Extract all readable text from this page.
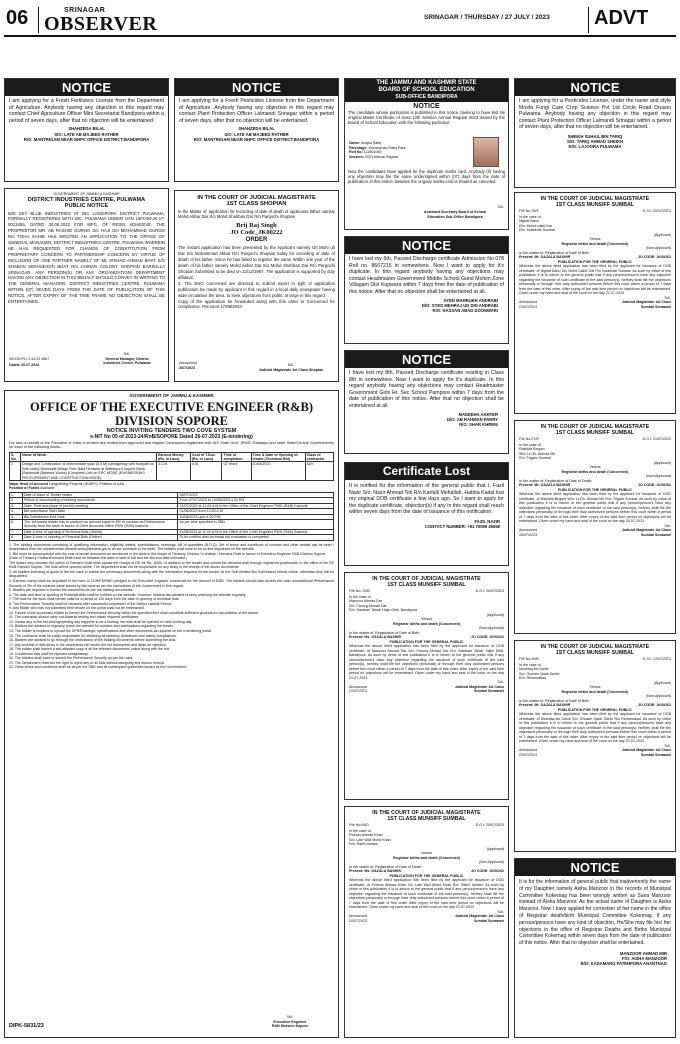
06	SRINAGAR
OBSERVER	SRINAGAR / THURSDAY / 27 JULY / 2023 ADVT
NOTICE
I am applying for a Fresh Fertilizers License from the Department of Agriculture. Anybody having any objection in this regard may contact Chief Agriculture Officer Mini Secretariat Bandipora within a period of seven days, after that no objection will be entertained.
SHAHZEDA BILAL
S/O: LATE AB MAJEED RATHER
R/O: MANTRIGAM NEAR NHPC OFFICE DISTRICT:BANDIPORA
NOTICE
I am applying for a Fresh Pesticides License from the Department of Agriculture. Anybody having any objection in this regard may contact Plant Protection Officer Lalmandi Srinagar within a period of seven days, after that no objection will be entertained.
SHAHZEDA BILAL
S/O: LATE AB MAJEED RATHER
R/O: MANTRIGAM NEAR NHPC OFFICE DISTRICT:BANDIPORA
THE JAMMU AND KASHMIR STATE
BOARD OF SCHOOL EDUCATION
SUB-OFFICE BANDIPORA
NOTICE
The candidate whose particulars is published in this notice claiming to have lost his original Marks Certificate of class 12th Session Annual Regular 2023 issued by the Board of School Education with the following particular:
Name: Moqsa Rafiq
Parentage: Mohammad Rafiq Para
Roll No: 112601065
Session: 2023 Annual Regular
Now the candidates have applied for the duplicate marks card. Anybody (if) having any objection may file the same undersigned within (07) days from the date of publication of this notice. Besides the original marks card is treated as canceled.
Sd/-
Assistant Secretary Board of School
Education Sub-Office Bandipora
NOTICE
I am applying for a Pesticides License, under the name and style Mosfa Fungi Care Crop Science Pvt Ltd Circle Road Drusoo Pulwama. Anybody having any objection in this regard may contact Plant Protection Officer Lalmandi Srinagar within a period of seven days, after that no objection will be entertained.
SHEIKH SUHAIL BIN TARIQ
S/O: TARIQ AHMAD SHEIKH
R/O: LAJOORA PULWAMA
GOVERNMENT OF JAMMU & KASHMIR
DISTRICT INDUSTRIES CENTRE, PULWAMA
PUBLIC NOTICE
M/S SKY BLUE INDUSTRIES AT INC LASSIPORA DISTRICT PULWAMA, FORMALLY REGISTERED WITH DIC, PULWAMA UNDER UAN UDYAM-JK-17-0013455, DATED 30.06.2022 FOR MFG. OF RESIN ADHESIVE. THE PROPRIETOR MR. AB RASHID GUROO S/o HAJI GH MOHAMMAD GUROO R/o TOHA SAHIB HAS MOOTED AN APPLICATION TO THE OFFICE OF GENERAL MANAGER, DISTRICT INDUSTRIES CENTRE, PULWAMA WHEREIN HE HAS REQUESTED FOR CHANGE OF CONSTITUTION FROM PROPRIETARY CONCERN TO PARTNERSHIP CONCERN BY VIRTUE OF INCLUSION OF ONE PARTNER NAMELY OF ML IRSHAD AHMAD BHAT S/O SHABAN MOHIUD-DIN BHAT R/o CHINAR COLONY SHOPIAN BARZULLA SRINAGAR. ANY PERSON(S) OR ANY ORGANIZATION/ DEPARTMENT HAVING ANY OBJECTION IN THIS BEHALF SHOULD CONVEY IN WRITING TO THE GENERAL MANAGER, DISTRICT INDUSTRIES CENTRE, PULWAMA WITHIN (07) SEVEN DAYS FROM THE DATE OF PUBLICATION OF THIS NOTICE, AFTER EXPIRY OF THE TIME FRAME NO OBJECTION SHALL BE ENTERTAINED.
NO:DICPL/ 3 44-23 4667
Dated: 26.07.2023
Sd/-
General Manager, District
Industries Centre, Pulwama
IN THE COURT OF JUDICIAL MAGISTRATE
1ST CLASS SHOPIAN
In the Matter of: application for recording of date of death of applicants father namely Mohd Akbar Dar S/o Mohd Shahban Dar R/o Pargochi Shopian
Brij Raj Singh
JO Code_JK00222
ORDER
The instant application has been presented by the Applicant namely Gh Mohi ub Dar S/o Mohammad Akbar R/o Pargochi Shopian today for recording of date of death of his father. Since he has failed to register the same Within one year of the death of his father namely Mohd Akbar Dar S/o Mohd Shahban Dar R/o Pargochi Shopian Submitted to be died on 22/12/1987. The application is supported by duly affidavit.
2. The SHO concerned are directed to submit report in light of application publication be made by applicant in this regard in a local daily newspaper having wide circulation the area, to seek objections from public at large in this regard.
Copy of the application be forwarded along with this order to Concerned for compliance. Put soon 17/08/2023
Announced
26/7/2023
Sd/-
Judicial Magistrate 1st Class Shopian
NOTICE
I have lost my 6th, Passed Discharge certificate Admission No.078 Roll no. 8667215 in somewhere. Now I want to apply for it's duplicate. In this regard anybody having any objections may contact Headmaster Government Middle School Gund Mohim Zone Villagam Dist Kupwara within 7 days from the date of publication of this notice. After that no objection shall be entertained at all.
SYED MAHRUKH ANDRABI
D/O: SYED MEHRAJ UD DIN ANDRABI
R/O: HASSAN ABAD DOONWARI
NOTICE
I have lost my 8th, Passed Discharge certificate reading in Class 8th in somewhere. Now I want to apply for it's duplicate. In this regard anybody having any objections may contact Headmaster Government Girls Hr. Sec School Pampore within 7 days from the date of publication of this notice. After that no objection shall be entertained at all.
MADEEHA AKHTER
D/O: AB RAHMAN PARRY
R/O: SHAR KHREW
Certificate Lost
It is notified for the information of the general public that I, Fazil Nazir S/o: Nazir Ahmad Teli R/o Karfalli Mohallah, Habba Kadal lost my original DOB certificate a few days ago. So I want to apply for the duplicate certificate, objection(s) if any in this regard shall reach within seven days from the date of issuance of this notification.
FAZIL NAZIR
CONTACT NUMBER: +91 70069 26658
NOTICE
It is for the information of general public that inadvertently the name of my Daughter namely Aisha Manzoor in the records of Municipal Committee Kokernag has been wrongly written as Sana Manzoor instead of Aisha Manzoor. As the actual name of Daughter is Aisha Manzoor. Now I have applied for correction of her name in the office of Registrar death/birth Municipal Committee Kokernag. If any person/persons have any kind of objection, He/She may file his/ her objections in the office of Registrar Deaths and Births Municipal Committee Kokernag within seven days from the date of publication of this notice. After that no objection shall be entertained.
MANZOOR AHMAD MIR
F/O: AISHA MANZOOR
R/O: KADAMARG FATEHPORA ANANTNAG
GOVERNMENT OF JAMMU & KASHMIR
OFFICE OF THE EXECUTIVE ENGINEER (R&B) DIVISION SOPORE
NOTICE INVITING TENDERS TWO COVE SYSTEM
e-NIT No 05 of 2023-24/RnB/SOPORE Dated 26-07-2023 (E-tendering)
For and on behalf of the President of India, e-tenders are invited from approved and eligible Contractors registered with J&K State Govt. (PWD, Railways and other State/Central Governments) for each of the following works:-
S. No.	Name of Work	Earnest Money (Rs. In Lacs)	Cost of T.Doc. (Rs. in Lacs)	Time of completion	Time & Date of Opening of tender (Technical Bid)	Class of contractor
1	Design and Construction of intermediate span (5.5 M) carriageway with footpath on both sides) Motorable Bridge Over Nala Hirniwan at Wattarguru Sopore Block (Baramulla (Balance Works) (Complete) Job on EPC MODE (ENGINEERING PROCUREMENT AND CONSTRUCTION MODE)	31.24	0.01	02 Years	10/08/2023	AAY
Major Head of Account Languishing Projects (JKIDFC) Position of AAA
Position of Funds Available
1.	Date of Issue of Tender Notice	26/07/2023
2.	Period of downloading of bidding documents	From 27/07/2023 to 10/08/2023 4.00 PM
3.	Date, Time and place of pre-bid meeting	31/07/2023 at 11:00 A.M in the Office of the Chief Engineer PWD (R&B) Kashmir.
4.	Bid submission Start Date	01/08/2023 from 10.00 A.M
5.	Bid Submission End Date	10/08/2023 upto 4.00 P.M.
6.	The 1st lowest bidder has to produce an amount equal to 5% of contract as Performance Security from the bank in favour of Chief Accounts Office PWD (R&B) Kashmir.	As per time specified in SBD
7.	Date & time of opening of Technical Bids (Online)	11/08/2023 at 11:00 A.M in the Office of the Chief Engineer PWD (R&B) Kashmir.
8.	Date & time of opening of Financial Bids (Online)	To be notified after technical bid evaluation is completed
1. The bidding documents consisting of qualifying information, eligibility criteria, specifications, drawings, bill of quantities (B.O.Q), Set of terms and conditions of contract and other details can be seen / downloaded from the departmental website www.jktenders.gov.in as per schedule in the table. The bidders shall have to be on line registered on the website.
2. Bid must be accompanied with the cost of tender document as mentioned in the table in the shape of Treasury Challan / e-challan / Demand Draft in favour of Executive Engineer R&B Division Sopore.
(Date of Treasury Challan/Demand Draft must be between the date of start of bid and the Bid end date indicated.)
The bidder who chooses the option of Demand Draft shall upload the receipt of DD for Rs. 1000/- in addition to the tender and submit the demand draft through registered post/courier to the office of the EE R&B Division Sopore. The bids will be opened online. The department shall not be responsible for any delay in the receipt of the above documents.
3. All bidders intending to quote in the bid have to submit the necessary documents along with the information required for the tender on the Self-Verified Bid Submission format online, otherwise they will be disqualified.
4. Earnest money shall be deposited in the form of CDR/FDR/BG pledged to the Executive Engineer concerned for the amount of EMD. The bidders should also furnish the valid unconditional Performance Security of 3% of the contract value issued by the bank as per the instructions of the Government in this regard.
5. Bidders are required to furnish the documents as per the bidding documents.
6. The date and time of opening of Financial Bids shall be notified on the website. However, bidders are advised to keep checking the website regularly.
7. The bids for the work shall remain valid for a period of 120 days from the date of opening of technical bids.
8. The Performance Security shall be released after successful completion of the Defect Liability Period.
9. Any bidder who has not submitted their tender on the portal shall not be entertained.
10. Failure of the successful bidder to furnish the Performance Security within the specified time shall constitute sufficient grounds for cancellation of the award.
11. The contractor should carry out Material testing and obtain required certificates.
12. Incase any of the bid closing/opening day happens to be a holiday, the bids shall be opened on next working day.
13. Bidders are advised to regularly check the website for updates and clarifications regarding the tender.
14. The bidder is required to upload the DPR/Drawings, specifications and other documents as required on the e-tendering portal.
15. The contractor shall be solely responsible for obtaining all statutory clearances and safety compliances.
16. Bidders are advised to go through the instructions of the bidding documents before submitting the bids.
17. Any shortfall or deficiency in the documents will render the bid incomplete and liable for rejection.
18. The bidder shall furnish a self-attested copy of all the relevant documents online along with the bid.
19. Conditional bids shall be rejected straightaway.
20. The bidders shall have to submit the Performance Security as per the rules.
21. The Department reserves the right to reject any or all bids without assigning any reason thereof.
22. Other terms and conditions shall be as per the SBD and all subsequent guidelines issued by the Government.
DIPK-5831/23
Sd/-
Executive Engineer
R&B Division Sopore
IN THE COURT OF JUDICIAL MAGISTRATE
1ST CLASS MUNSIFF SUMBAL
File No.78/9	D.O.I: 20/07/2023
In the case of
Nighat Banu
D/o: Mohd Latief Dar
R/o: Indarkote Sumbal
(Applicant)
Versus
Registrar births and death (Concerned)
(Non-Applicant)
In the matter of: Registration of Date of Birth
Present: Mr. GAZALA BASHIR	JO CODE: JK00262
PUBLICATION FOR THE GENERAL PUBLIC
Whereas the above titled application has been filed by the applicant for issuance of DOB certificate, of Nighat Banu D/o Mohd Latief Dar R/o Indarkote Sumbal. As such by virtue of this publication it is to inform to the general public that if any person/person's have any objection regarding the issuance of such certificate of the said person(s), he/they shall file the objections personally or through their duly authorized persons before this court within a period of 7 days from the date of this order. After expiry of the said time period no objections will be entertained. Given under my hand and seal of the court on the day 22-07-2023
Sd/-
Announced	Judicial Magistrate 1st Class
21/07/2023	Sumbal Sonawari
IN THE COURT OF JUDICIAL MAGISTRATE
1ST CLASS MUNSIFF SUMBAL
File No.07/D	D.O.I: 21/07/2023
In the case of
Rashida Begum
W/o: Lt.Gh. Ahmad Mir
R/o: Trigam Sumbal
(Applicant)
Versus
Registrar births and death (Concerned)
(Non-Applicant)
In the matter of: Registration of Date of Death
Present: Mr. GAZALA BASHIR	JO CODE: JK00262
PUBLICATION FOR THE GENERAL PUBLIC
Whereas the above titled application has been filed by the applicant for issuance of DOD certificate, of Rashida Begum W/o: Lt.Gh. Ahmad Mir R/o: Trigam Sumbal. As such by virtue of this publication it is to inform to the general public that if any person/person's have any objection regarding the issuance of such certificate of the said person(s), he/they shall file the objections personally or through their duly authorized persons before this court within a period of 7 days from the date of this order. After expiry of the said time period no objections will be entertained. Given under my hand and seal of the court on the day 26-07-2023
Sd/-
Announced	Judicial Magistrate 1st Class
26/07/2023	Sumbal Sonawari
IN THE COURT OF JUDICIAL MAGISTRATE
1ST CLASS MUNSIFF SUMBAL
File No.49/B	D.O.I: 12/07/2023
In the case of
Mushtaq Ah Ganie
S/o: Ghulam Qadir Ganie
R/o: Rehamabad
(Applicant)
Versus
Registrar births and death (Concerned)
(Non-Applicant)
In the matter of: Registration of Date of Birth
Present: Mr. GAZALA BASHIR	JO CODE: JK00262
PUBLICATION FOR THE GENERAL PUBLIC
Whereas the above titled application has been filed by the applicant for issuance of DOB certificate, of Mushtaq Ah Ganie S/o: Ghulam Qadir Ganie R/o Rehamabad. As such by virtue of this publication it is to inform to the general public that if any person/person's have any objection regarding the issuance of such certificate of the said person(s), he/they shall file the objections personally or through their duly authorized persons before this court within a period of 7 days from the date of this order. After expiry of the said time period no objections will be entertained. Given under my hand and seal of the court on the day 22-07-2023
Sd/-
Announced	Judicial Magistrate 1st Class
22/07/2023	Sumbal Sonawari
IN THE COURT OF JUDICIAL MAGISTRATE
1ST CLASS MUNSIFF SUMBAL
File No: 23/B	D.O.I: 20/07/2023
In the case of
Manzoor Ahmad Dar
S/o: Faroog Ahmad Dar
R/o: Madwan Tahsil: Hajin Distt. Bandipora
(Applicant)
Versus
Registrar births and death (Concerned)
(Non-Applicant)
In the matter of: Registration of Date of Birth
Present: Ms. GAZALA BASHIR	JO CODE: JK00262
PUBLICATION FOR THE GENERAL PUBLIC
Whereas the above titled application has been filed by the applicant for issuance of DOB certificate, of Manzoor Ahmad Dar S/o: Farooq Ahmad Dar R/o: Madwan Tahsil: Hajin Distt. Bandipora. As such by virtue of this publication it is to inform to the general public that if any person/person's have any objection regarding the issuance of such certificate of the said person(s), he/they shall file the objections personally or through their duly authorized persons before this court within a period of 7 days from the date of this order. After expiry of the said time period no objections will be entertained. Given under my hand and seal of the court on the day 21-07-2023
Sd/-
Announced	Judicial Magistrate 1st Class
21/07/2023	Sumbal Sonawari
IN THE COURT OF JUDICIAL MAGISTRATE
1ST CLASS MUNSIFF SUMBAL
File No:06/D	D.O.I: 20/07/2023
In the case of
Firdous Ahmad Khan
S/o: Late Wali Mohd Khan
R/o: Rakhi Asham
(Applicant)
Versus
Registrar births and death (Concerned)
(Non-Applicant)
In the matter of: Registration of Date of Death
Present: Ms. GAZALA BASHIR	JO CODE: JK00262
PUBLICATION FOR THE GENERAL PUBLIC
Whereas the above titled application has been filed by the applicant for issuance of DOD certificate, of Firdous Ahmad Khan S/o Late Wali Mohd Khan R/o: Rakhi Asham. As such by virtue of this publication it is to inform to the general public that if any person/person's have any objection regarding the issuance of such certificate of the said person(s), he/they shall file the objections personally or through their duly authorized persons before this court within a period of 7 days from the date of this order. After expiry of the said time period no objections will be entertained. Given under my hand and seal of the court on the day 20-07-2023
Sd/-
Announced	Judicial Magistrate 1st Class
20/07/2023	Sumbal Sonawari
